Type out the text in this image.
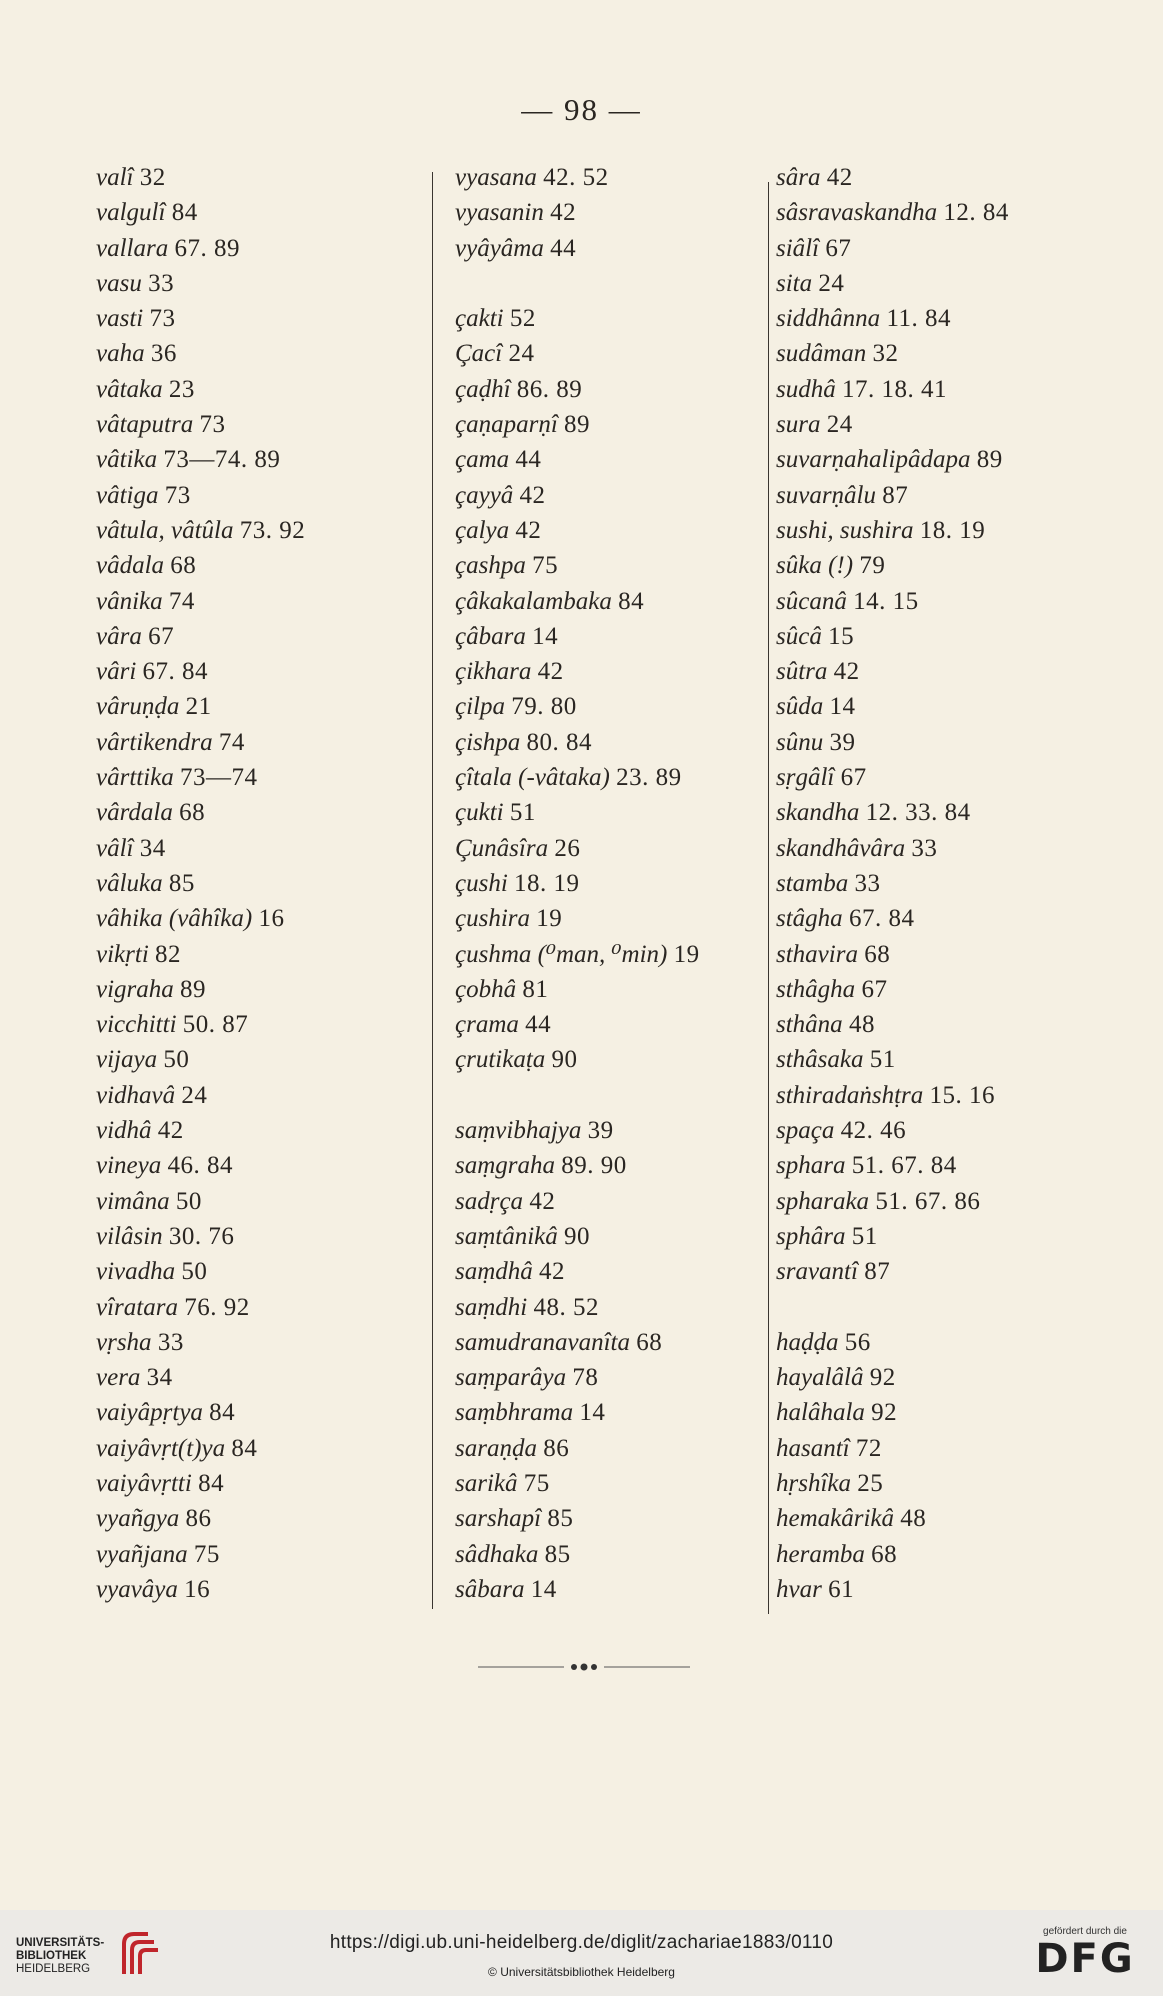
— 98 —
valî 32
valgulî 84
vallara 67. 89
vasu 33
vasti 73
vaha 36
vâtaka 23
vâtaputra 73
vâtika 73—74. 89
vâtiga 73
vâtula, vâtûla 73. 92
vâdala 68
vânika 74
vâra 67
vâri 67. 84
vâruṇḍa 21
vârtikendra 74
vârttika 73—74
vârdala 68
vâlî 34
vâluka 85
vâhika (vâhîka) 16
vikṛti 82
vigraha 89
vicchitti 50. 87
vijaya 50
vidhavâ 24
vidhâ 42
vineya 46. 84
vimâna 50
vilâsin 30. 76
vivadha 50
vîratara 76. 92
vṛsha 33
vera 34
vaiyâpṛtya 84
vaiyâvṛt(t)ya 84
vaiyâvṛtti 84
vyañgya 86
vyañjana 75
vyavâya 16
vyasana 42. 52
vyasanin 42
vyâyâma 44
çakti 52
Çacî 24
çaḍhî 86. 89
çaṇaparṇî 89
çama 44
çayyâ 42
çalya 42
çashpa 75
çâkakalambaka 84
çâbara 14
çikhara 42
çilpa 79. 80
çishpa 80. 84
çîtala (-vâtaka) 23. 89
çukti 51
Çunâsîra 26
çushi 18. 19
çushira 19
çushma (⁰man, ⁰min) 19
çobhâ 81
çrama 44
çrutikaṭa 90
saṃvibhajya 39
saṃgraha 89. 90
sadṛça 42
saṃtânikâ 90
saṃdhâ 42
saṃdhi 48. 52
samudranavanîta 68
saṃparâya 78
saṃbhrama 14
saraṇḍa 86
sarikâ 75
sarshapî 85
sâdhaka 85
sâbara 14
sâra 42
sâsravaskandha 12. 84
siâlî 67
sita 24
siddhânna 11. 84
sudâman 32
sudhâ 17. 18. 41
sura 24
suvarṇahalipâdapa 89
suvarṇâlu 87
sushi, sushira 18. 19
sûka (!) 79
sûcanâ 14. 15
sûcâ 15
sûtra 42
sûda 14
sûnu 39
sṛgâlî 67
skandha 12. 33. 84
skandhâvâra 33
stamba 33
stâgha 67. 84
sthavira 68
sthâgha 67
sthâna 48
sthâsaka 51
sthiradaṅshṭra 15. 16
spaça 42. 46
sphara 51. 67. 84
spharaka 51. 67. 86
sphâra 51
sravantî 87
haḍḍa 56
hayalâlâ 92
halâhala 92
hasantî 72
hṛshîka 25
hemakârikâ 48
heramba 68
hvar 61
UNIVERSITÄTS-
BIBLIOTHEK
HEIDELBERG
https://digi.ub.uni-heidelberg.de/diglit/zachariae1883/0110
© Universitätsbibliothek Heidelberg
gefördert durch die
DFG
